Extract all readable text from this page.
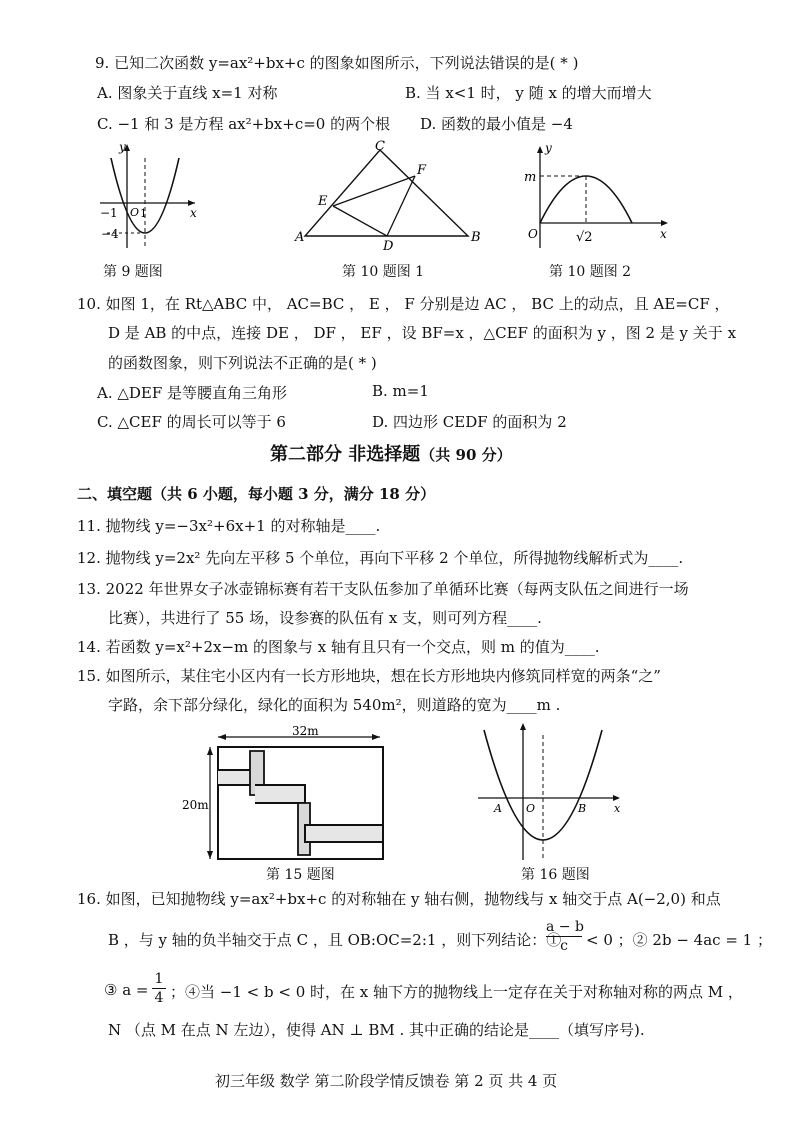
9. 已知二次函数 y=ax²+bx+c 的图象如图所示，下列说法错误的是( * )
A. 图象关于直线 x=1 对称	B. 当 x<1 时， y 随 x 的增大而增大
C. −1 和 3 是方程 ax²+bx+c=0 的两个根 D. 函数的最小值是 −4
y
x
−1 O 1
−4
第 9 题图
C
A	B
D
E
F
第 10 题图 1
y
x
m
O	√2
第 10 题图 2
10. 如图 1，在 Rt△ABC 中， AC=BC ， E ， F 分别是边 AC ， BC 上的动点，且 AE=CF ，
D 是 AB 的中点，连接 DE ， DF ， EF ，设 BF=x ，△CEF 的面积为 y ，图 2 是 y 关于 x
的函数图象，则下列说法不正确的是( * )
A. △DEF 是等腰直角三角形	B. m=1
C. △CEF 的周长可以等于 6	D. 四边形 CEDF 的面积为 2
第二部分 非选择题（共 90 分）
二、填空题（共 6 小题，每小题 3 分，满分 18 分）
11. 抛物线 y=−3x²+6x+1 的对称轴是____.
12. 抛物线 y=2x² 先向左平移 5 个单位，再向下平移 2 个单位，所得抛物线解析式为____.
13. 2022 年世界女子冰壶锦标赛有若干支队伍参加了单循环比赛（每两支队伍之间进行一场
比赛），共进行了 55 场，设参赛的队伍有 x 支，则可列方程____.
14. 若函数 y=x²+2x−m 的图象与 x 轴有且只有一个交点，则 m 的值为____.
15. 如图所示，某住宅小区内有一长方形地块，想在长方形地块内修筑同样宽的两条“之”
字路，余下部分绿化，绿化的面积为 540m²，则道路的宽为____m .
32m
20m
第 15 题图
A O	B	x
第 16 题图
16. 如图，已知抛物线 y=ax²+bx+c 的对称轴在 y 轴右侧，抛物线与 x 轴交于点 A(−2,0) 和点
B ，与 y 轴的负半轴交于点 C ，且 OB:OC=2:1 ，则下列结论：①
$\frac{a - b}{c} < 0$ ；② 2b − 4ac = 1 ；
③ $a = \frac{1}{4}$ ；④当 −1 < b < 0 时，在 x 轴下方的抛物线上一定存在关于对称轴对称的两点 M ，
N （点 M 在点 N 左边），使得 AN ⊥ BM . 其中正确的结论是____（填写序号).
初三年级 数学 第二阶段学情反馈卷 第 2 页 共 4 页
